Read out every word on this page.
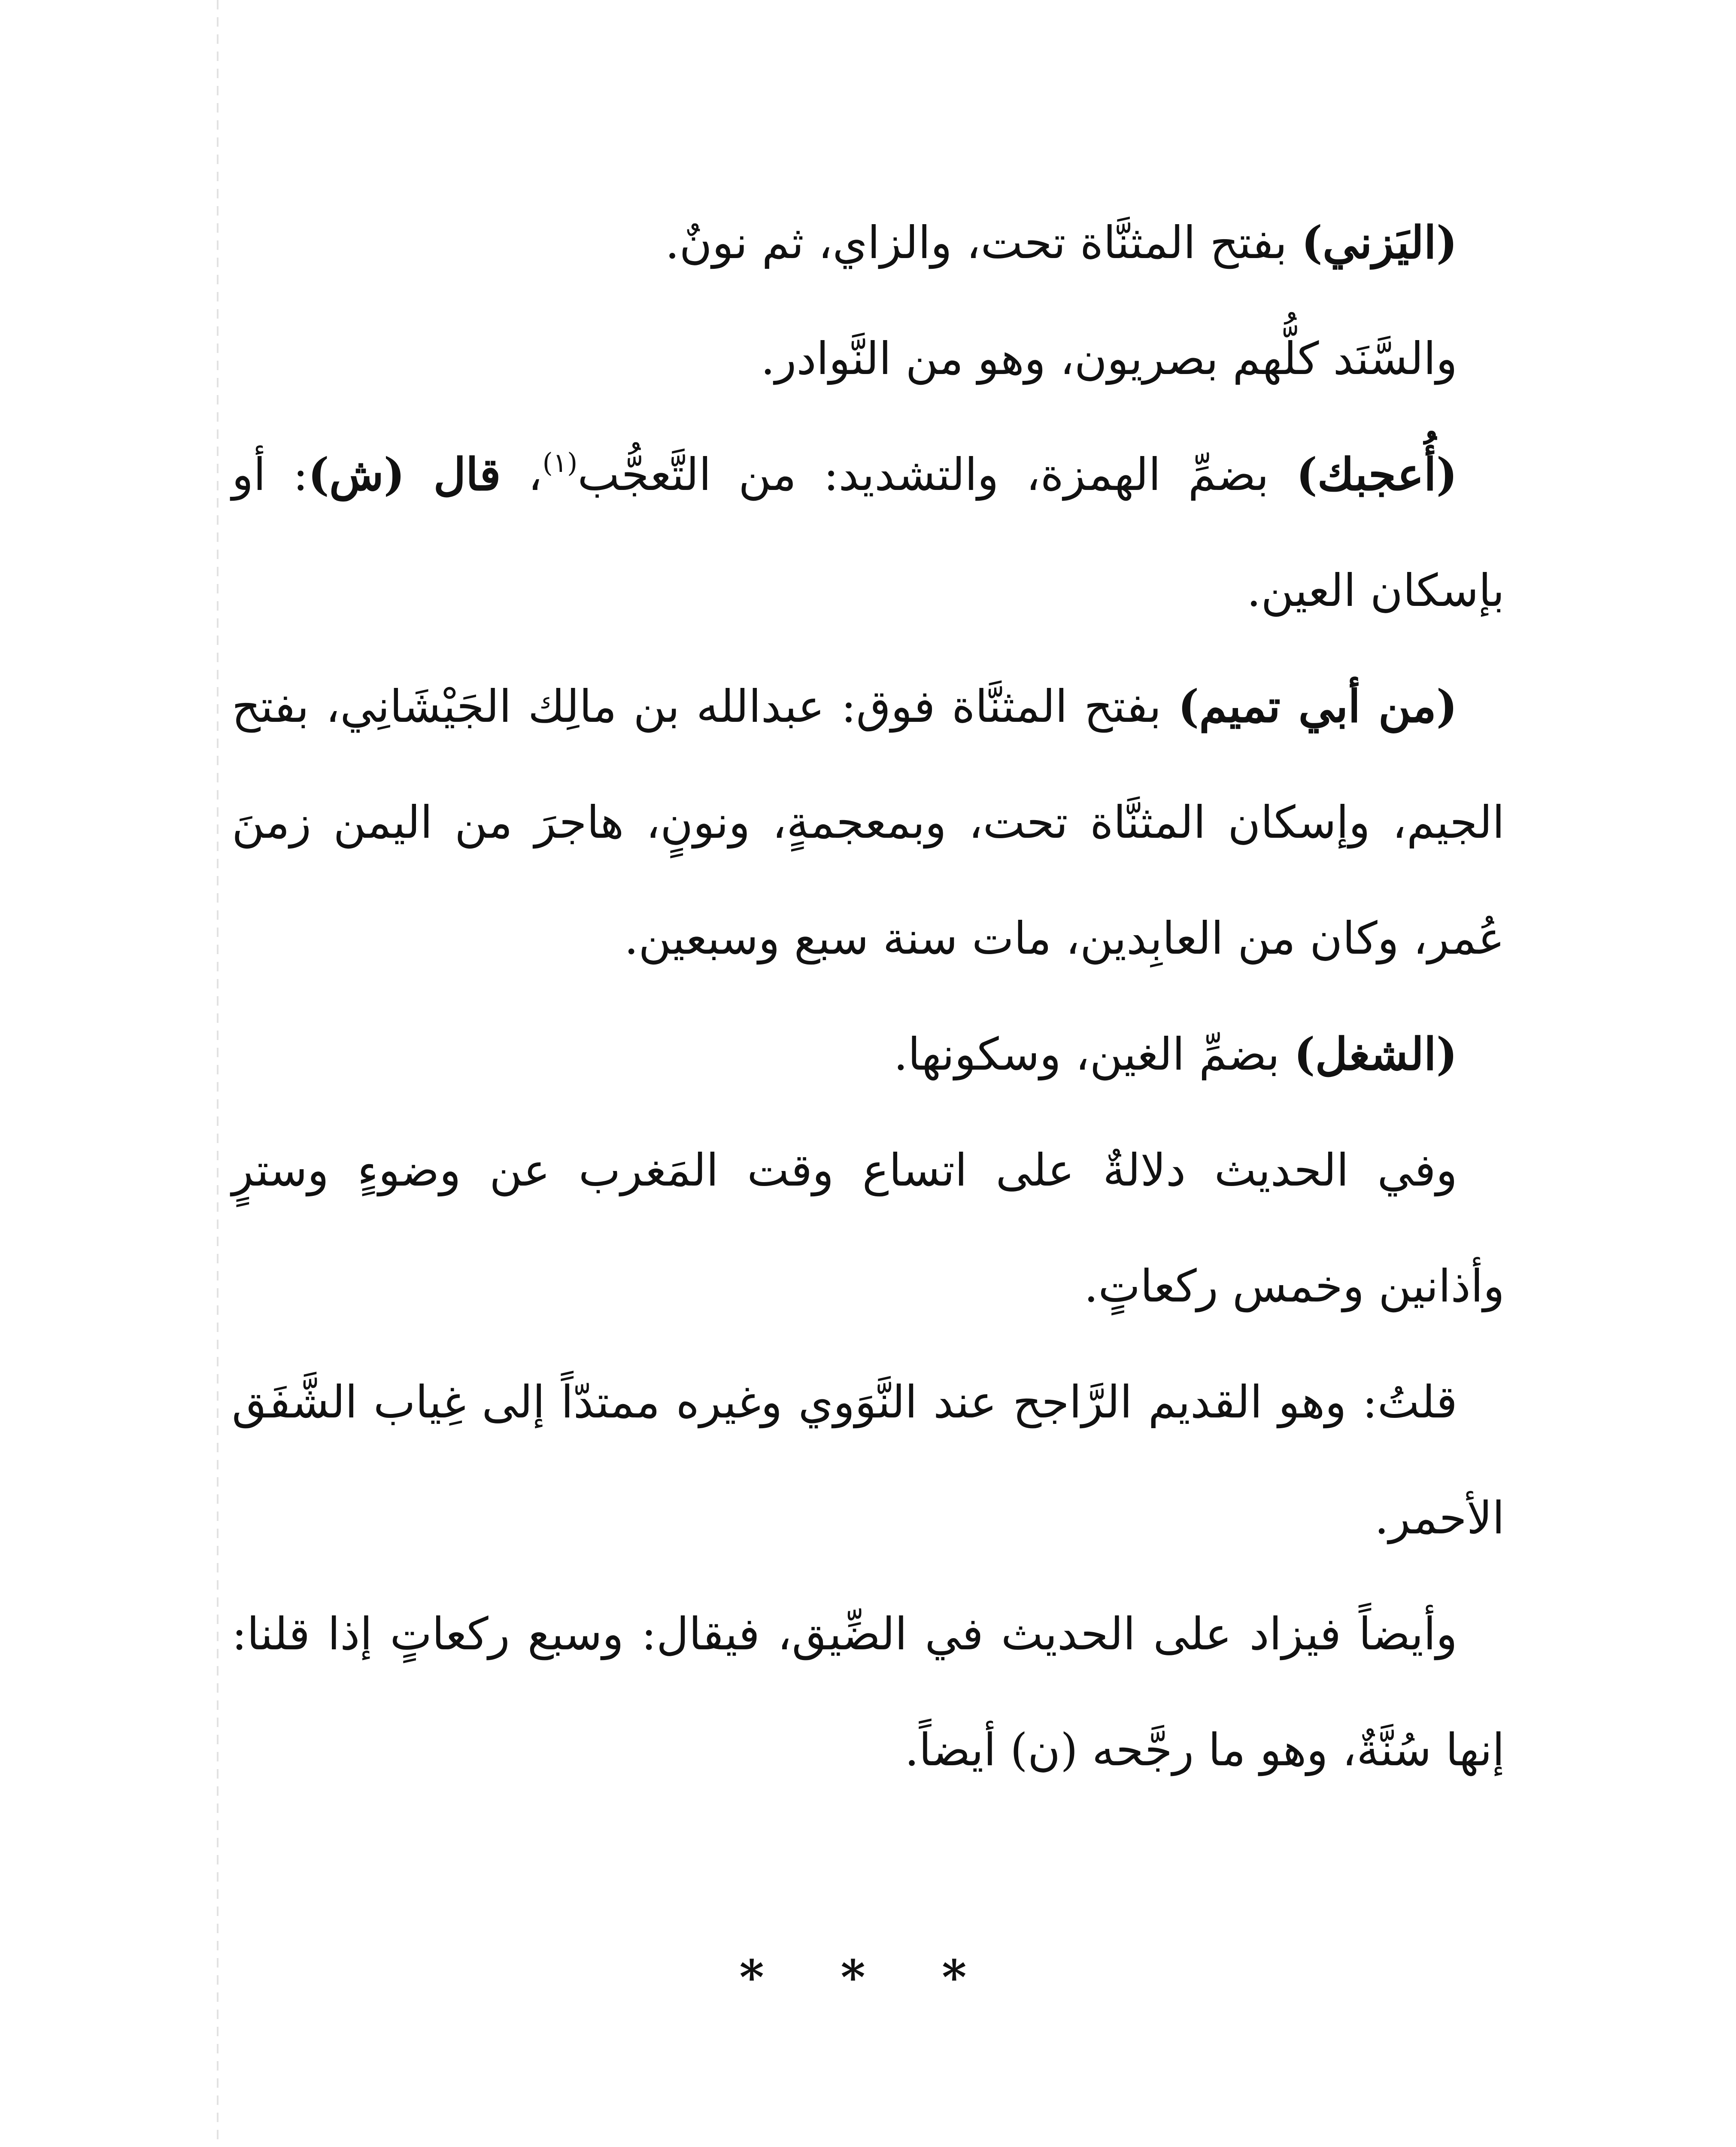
(اليَزني) بفتح المثنَّاة تحت، والزاي، ثم نونٌ.

والسَّنَد كلُّهم بصريون، وهو من النَّوادر.

(أُعجبك) بضمِّ الهمزة، والتشديد: من التَّعجُّب$^{(١)}$، قال (ش): أو بإسكان العين.

(من أبي تميم) بفتح المثنَّاة فوق: عبدالله بن مالِك الجَيْشَانِي، بفتح الجيم، وإسكان المثنَّاة تحت، وبمعجمةٍ، ونونٍ، هاجرَ من اليمن زمنَ عُمر، وكان من العابِدين، مات سنة سبع وسبعين.

(الشغل) بضمِّ الغين، وسكونها.

وفي الحديث دلالةٌ على اتساع وقت المَغرب عن وضوءٍ وسترٍ وأذانين وخمس ركعاتٍ.

قلتُ: وهو القديم الرَّاجح عند النَّوَوي وغيره ممتدّاً إلى غِياب الشَّفَق الأحمر.

وأيضاً فيزاد على الحديث في الضِّيق، فيقال: وسبع ركعاتٍ إذا قلنا: إنها سُنَّةٌ، وهو ما رجَّحه (ن) أيضاً.

* * *
